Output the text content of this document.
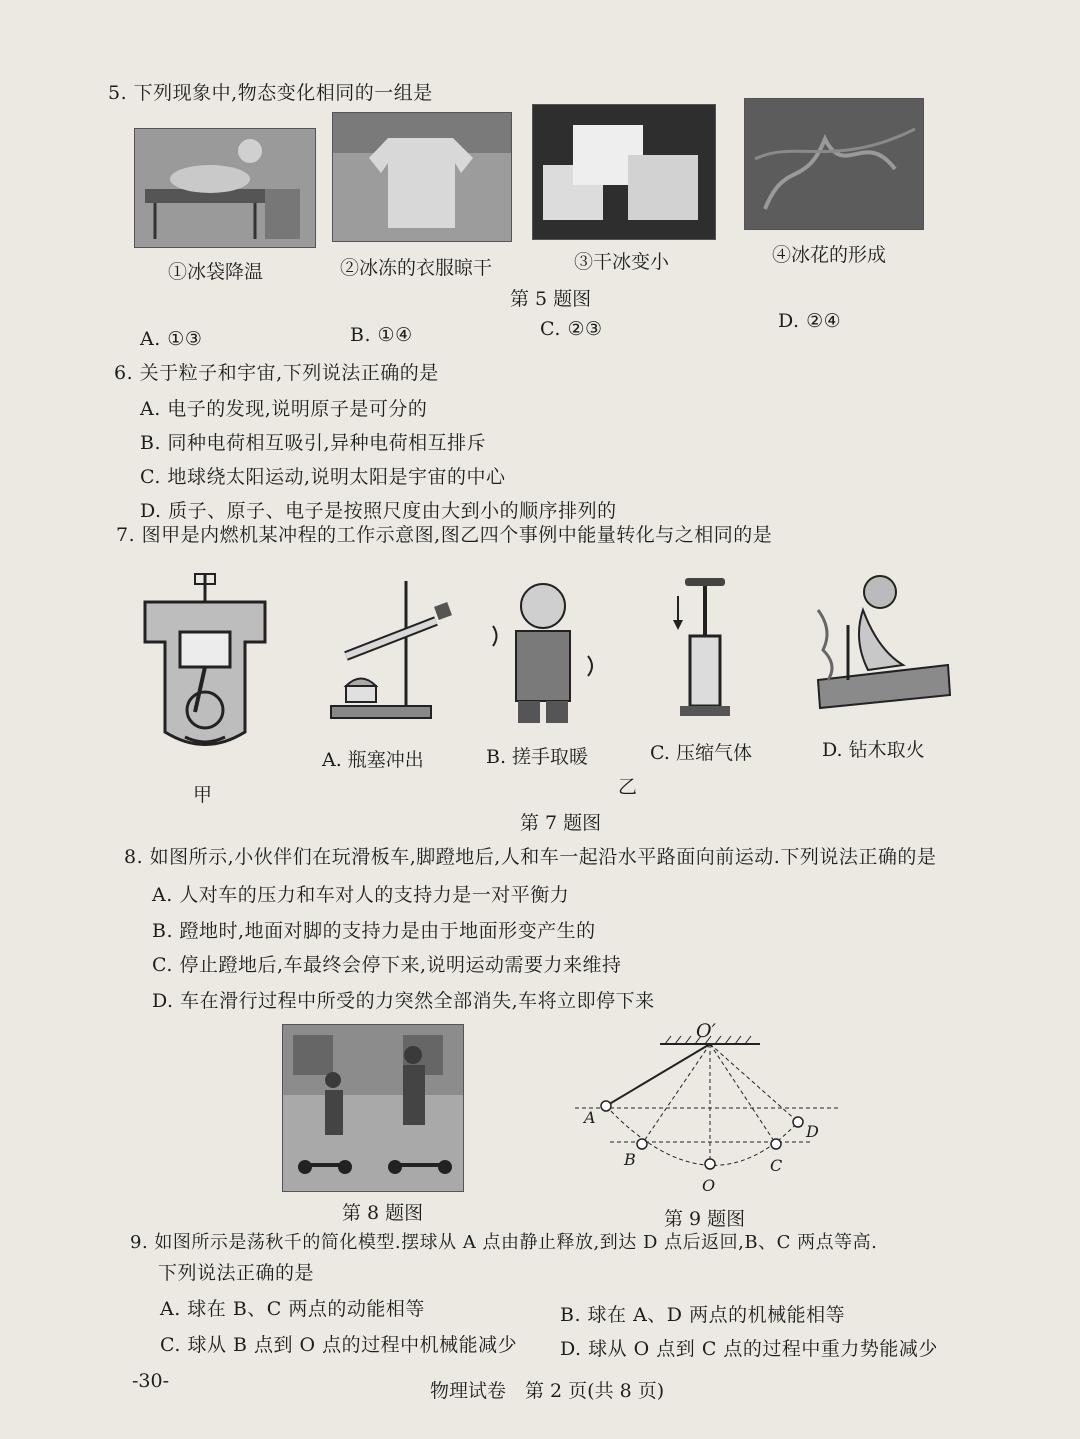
5. 下列现象中,物态变化相同的一组是
①冰袋降温	②冰冻的衣服晾干	③干冰变小	④冰花的形成
第 5 题图
A. ①③	B. ①④	C. ②③	D. ②④
6. 关于粒子和宇宙,下列说法正确的是
A. 电子的发现,说明原子是可分的
B. 同种电荷相互吸引,异种电荷相互排斥
C. 地球绕太阳运动,说明太阳是宇宙的中心
D. 质子、原子、电子是按照尺度由大到小的顺序排列的
7. 图甲是内燃机某冲程的工作示意图,图乙四个事例中能量转化与之相同的是
甲
A. 瓶塞冲出	B. 搓手取暖	C. 压缩气体	D. 钻木取火
乙
第 7 题图
8. 如图所示,小伙伴们在玩滑板车,脚蹬地后,人和车一起沿水平路面向前运动.下列说法正确的是
A. 人对车的压力和车对人的支持力是一对平衡力
B. 蹬地时,地面对脚的支持力是由于地面形变产生的
C. 停止蹬地后,车最终会停下来,说明运动需要力来维持
D. 车在滑行过程中所受的力突然全部消失,车将立即停下来
第 8 题图
O′
A
B
O
C
D
第 9 题图
9. 如图所示是荡秋千的简化模型.摆球从 A 点由静止释放,到达 D 点后返回,B、C 两点等高.
下列说法正确的是
A. 球在 B、C 两点的动能相等	B. 球在 A、D 两点的机械能相等
C. 球从 B 点到 O 点的过程中机械能减少 D. 球从 O 点到 C 点的过程中重力势能减少
-30-	物理试卷　第 2 页(共 8 页)
